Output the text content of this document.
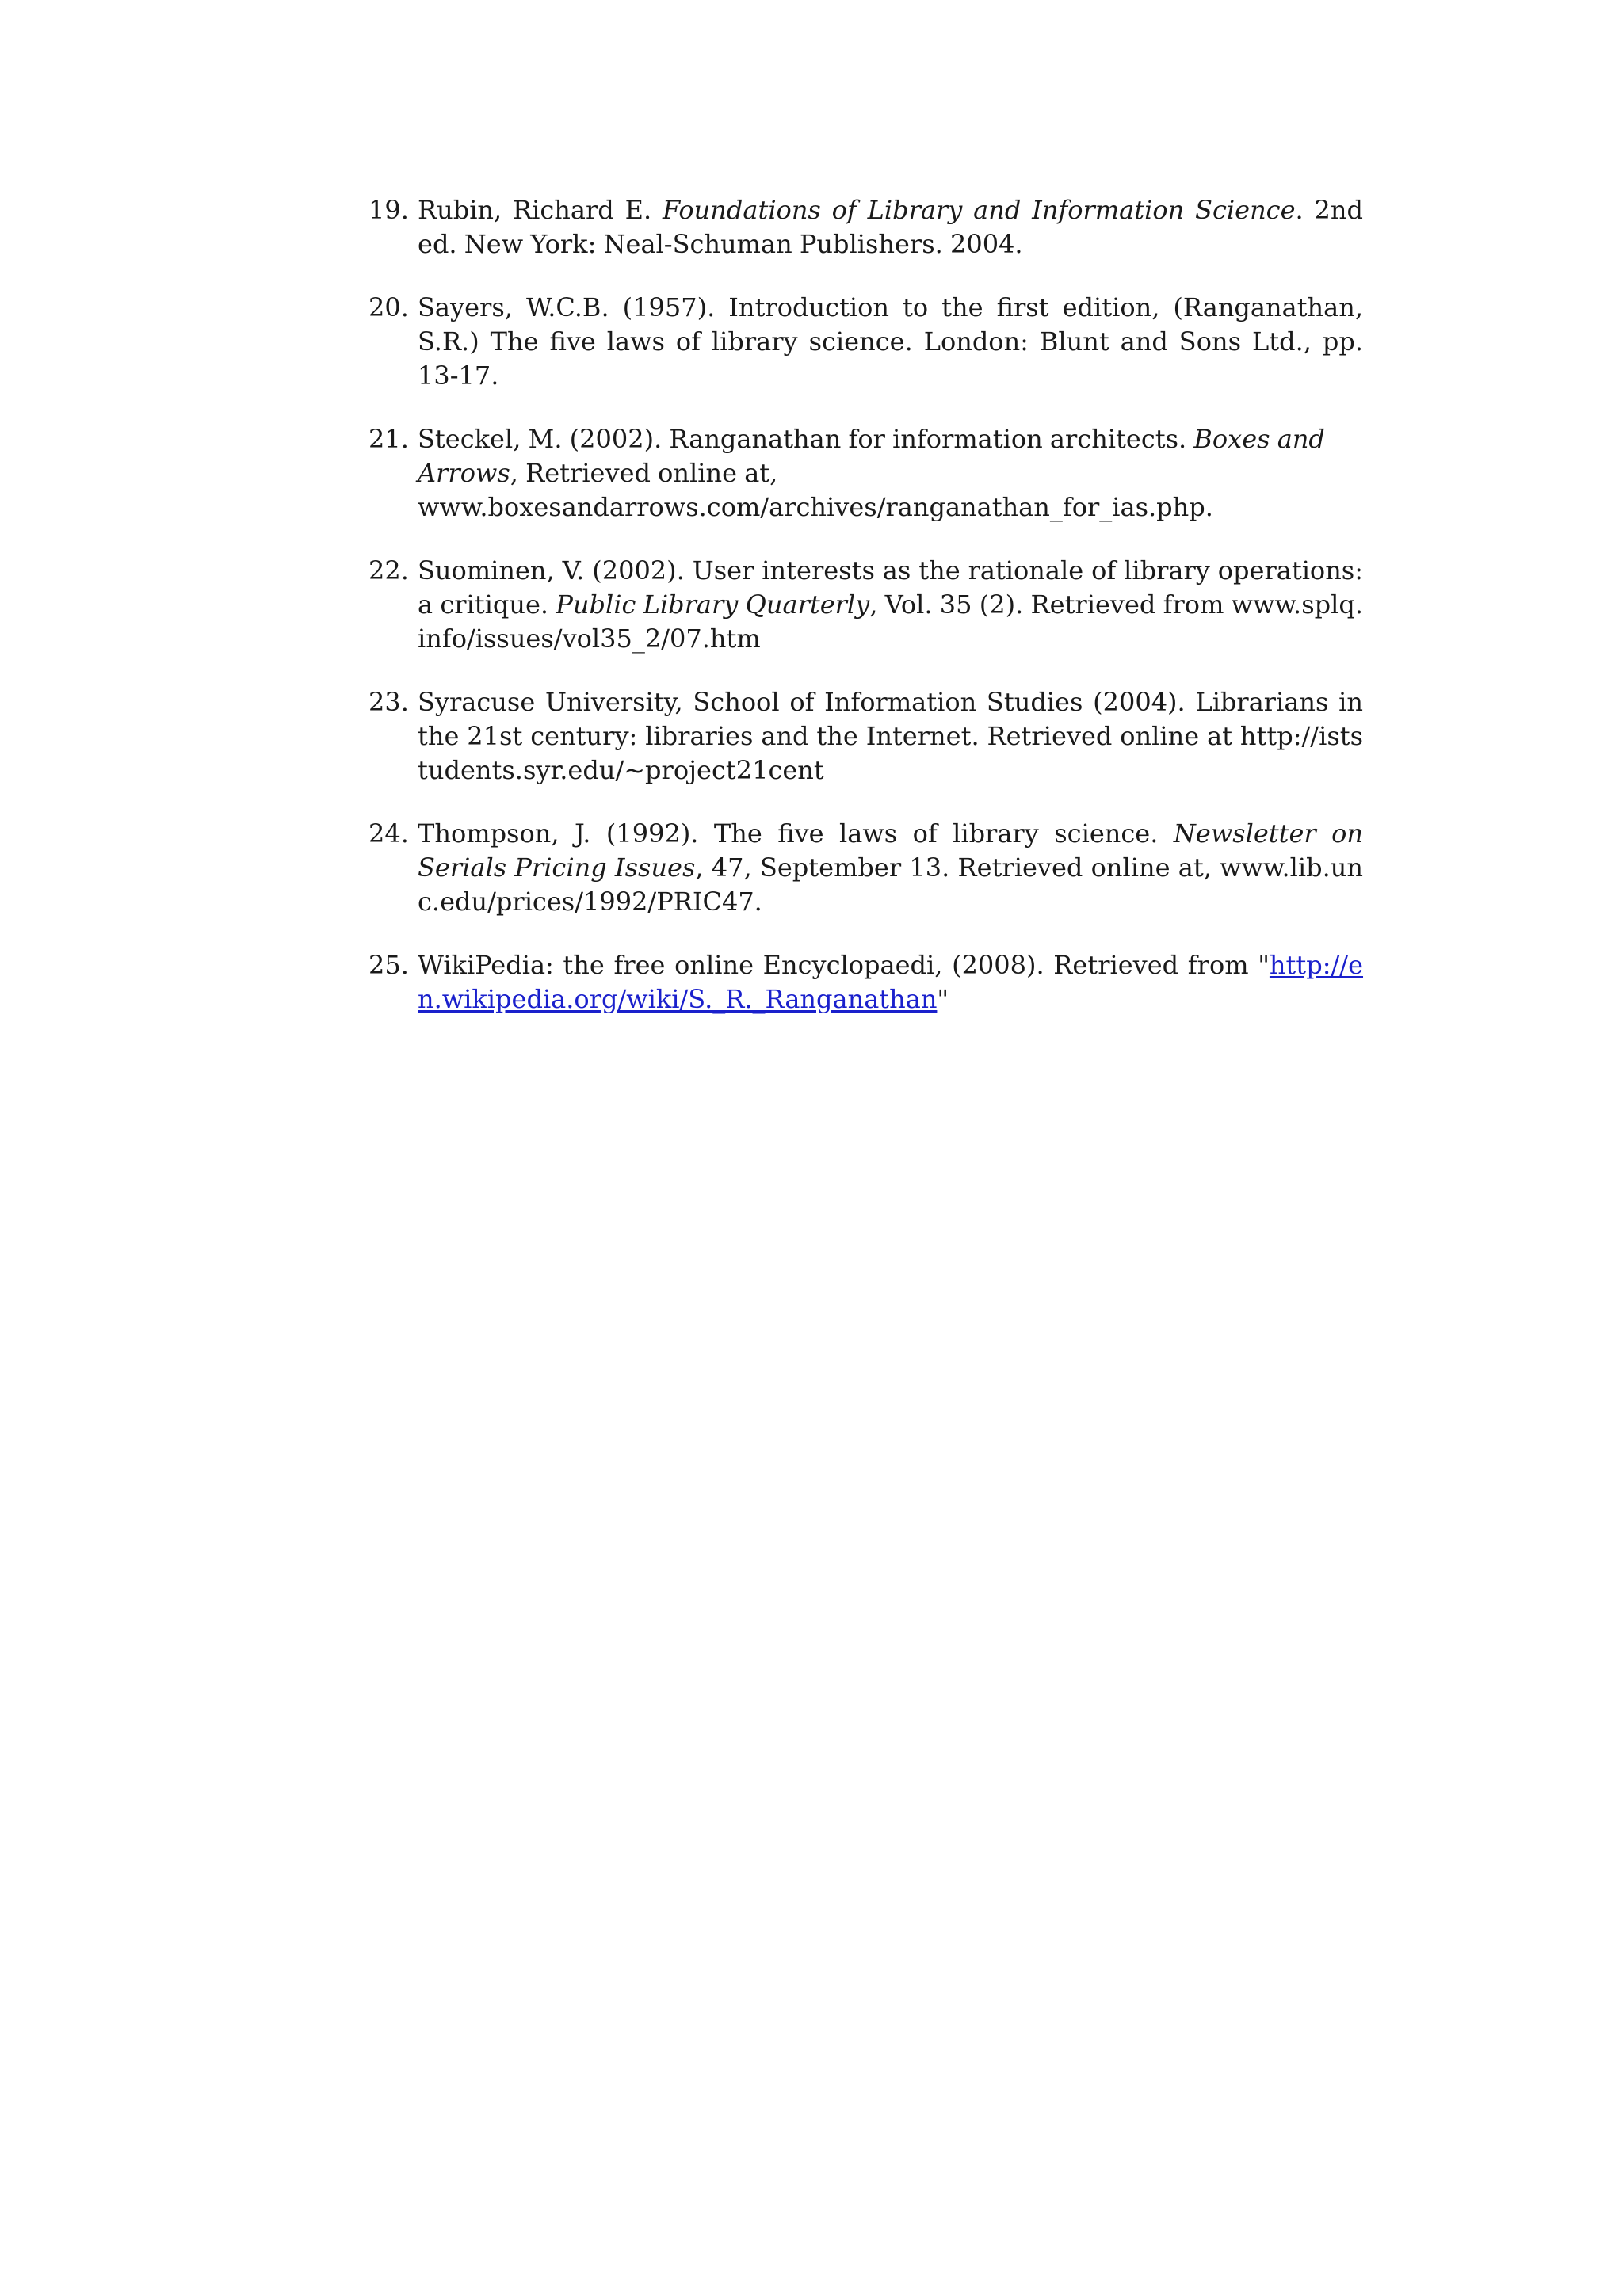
19. Rubin, Richard E. Foundations of Library and Information Science. 2nd ed. New York: Neal-Schuman Publishers. 2004.
20. Sayers, W.C.B. (1957). Introduction to the first edition, (Ranganathan, S.R.) The five laws of library science. London: Blunt and Sons Ltd., pp. 13-17.
21. Steckel, M. (2002). Ranganathan for information architects. Boxes and Arrows, Retrieved online at,
www.boxesandarrows.com/archives/ranganathan_for_ias.php.
22. Suominen, V. (2002). User interests as the rationale of library operations: a critique. Public Library Quarterly, Vol. 35 (2). Retrieved from www.splq.info/issues/vol35_2/07.htm
23. Syracuse University, School of Information Studies (2004). Librarians in the 21st century: libraries and the Internet. Retrieved online at http://iststudents.syr.edu/~project21cent
24. Thompson, J. (1992). The five laws of library science. Newsletter on Serials Pricing Issues, 47, September 13. Retrieved online at, www.lib.unc.edu/prices/1992/PRIC47.
25. WikiPedia: the free online Encyclopaedi, (2008). Retrieved from "http://en.wikipedia.org/wiki/S._R._Ranganathan"
